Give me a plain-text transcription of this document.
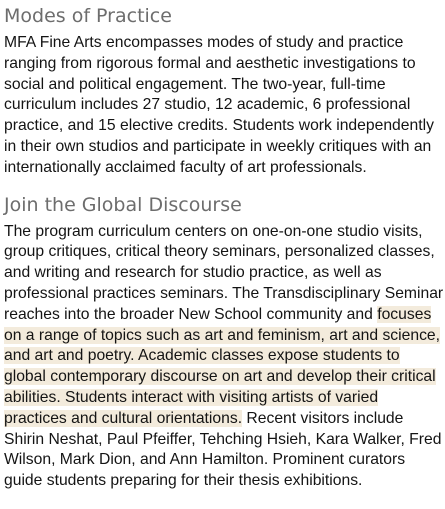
Modes of Practice

MFA Fine Arts encompasses modes of study and practice ranging from rigorous formal and aesthetic investigations to social and political engagement. The two-year, full-time curriculum includes 27 studio, 12 academic, 6 professional practice, and 15 elective credits. Students work independently in their own studios and participate in weekly critiques with an internationally acclaimed faculty of art professionals.

Join the Global Discourse

The program curriculum centers on one-on-one studio visits, group critiques, critical theory seminars, personalized classes, and writing and research for studio practice, as well as professional practices seminars. The Transdisciplinary Seminar reaches into the broader New School community and focuses on a range of topics such as art and feminism, art and science, and art and poetry. Academic classes expose students to global contemporary discourse on art and develop their critical abilities. Students interact with visiting artists of varied practices and cultural orientations. Recent visitors include Shirin Neshat, Paul Pfeiffer, Tehching Hsieh, Kara Walker, Fred Wilson, Mark Dion, and Ann Hamilton. Prominent curators guide students preparing for their thesis exhibitions.
